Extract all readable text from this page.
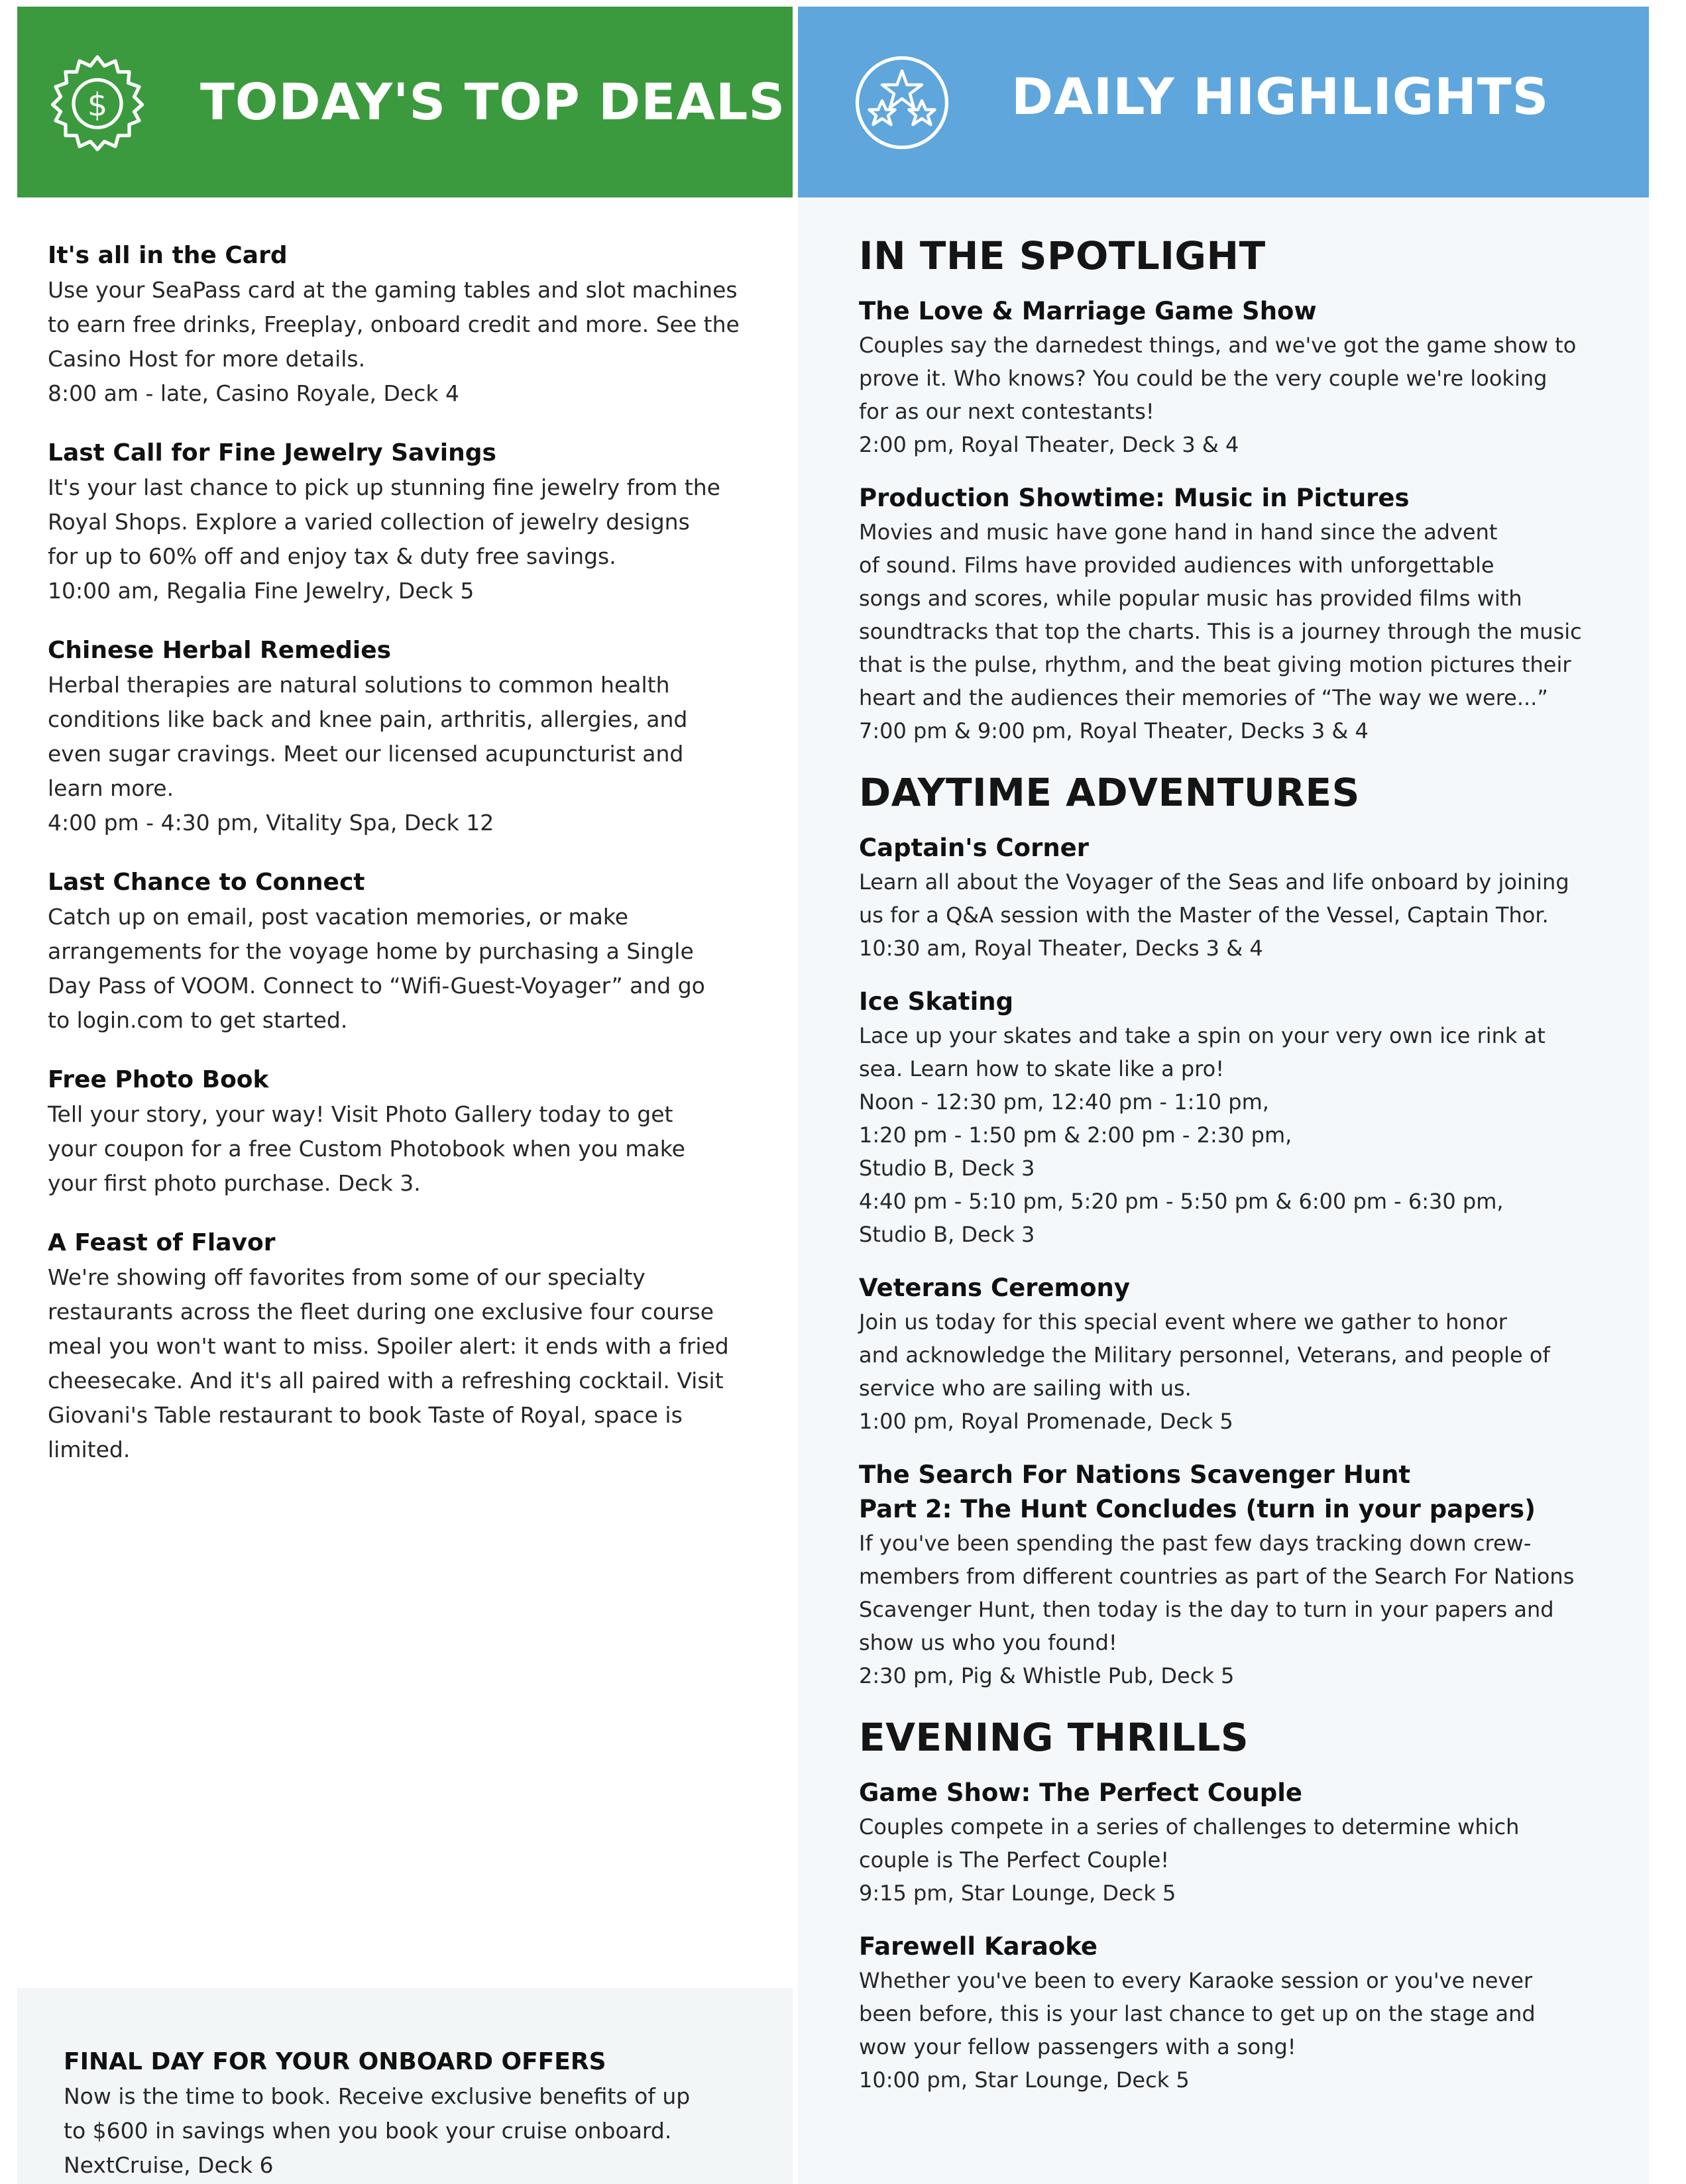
$ TODAY'S TOP DEALS	DAILY HIGHLIGHTS
It's all in the Card

Use your SeaPass card at the gaming tables and slot machines

to earn free drinks, Freeplay, onboard credit and more. See the

Casino Host for more details.

8:00 am - late, Casino Royale, Deck 4

Last Call for Fine Jewelry Savings

It's your last chance to pick up stunning fine jewelry from the

Royal Shops. Explore a varied collection of jewelry designs

for up to 60% off and enjoy tax & duty free savings.

10:00 am, Regalia Fine Jewelry, Deck 5

Chinese Herbal Remedies

Herbal therapies are natural solutions to common health

conditions like back and knee pain, arthritis, allergies, and

even sugar cravings. Meet our licensed acupuncturist and

learn more.

4:00 pm - 4:30 pm, Vitality Spa, Deck 12

Last Chance to Connect

Catch up on email, post vacation memories, or make

arrangements for the voyage home by purchasing a Single

Day Pass of VOOM. Connect to “Wifi-Guest-Voyager” and go

to login.com to get started.

Free Photo Book

Tell your story, your way! Visit Photo Gallery today to get

your coupon for a free Custom Photobook when you make

your first photo purchase. Deck 3.

A Feast of Flavor

We're showing off favorites from some of our specialty

restaurants across the fleet during one exclusive four course

meal you won't want to miss. Spoiler alert: it ends with a fried

cheesecake. And it's all paired with a refreshing cocktail. Visit

Giovani's Table restaurant to book Taste of Royal, space is limited.

FINAL DAY FOR YOUR ONBOARD OFFERS

Now is the time to book. Receive exclusive benefits of up

to $600 in savings when you book your cruise onboard.

NextCruise, Deck 6

IN THE SPOTLIGHT
The Love & Marriage Game Show

Couples say the darnedest things, and we've got the game show to

prove it. Who knows? You could be the very couple we're looking

for as our next contestants!

2:00 pm, Royal Theater, Deck 3 & 4

Production Showtime: Music in Pictures

Movies and music have gone hand in hand since the advent

of sound. Films have provided audiences with unforgettable

songs and scores, while popular music has provided films with

soundtracks that top the charts. This is a journey through the music

that is the pulse, rhythm, and the beat giving motion pictures their

heart and the audiences their memories of “The way we were...”

7:00 pm & 9:00 pm, Royal Theater, Decks 3 & 4

DAYTIME ADVENTURES
Captain's Corner

Learn all about the Voyager of the Seas and life onboard by joining

us for a Q&A session with the Master of the Vessel, Captain Thor.

10:30 am, Royal Theater, Decks 3 & 4

Ice Skating

Lace up your skates and take a spin on your very own ice rink at

sea. Learn how to skate like a pro!

Noon - 12:30 pm, 12:40 pm - 1:10 pm,

1:20 pm - 1:50 pm & 2:00 pm - 2:30 pm,

Studio B, Deck 3

4:40 pm - 5:10 pm, 5:20 pm - 5:50 pm & 6:00 pm - 6:30 pm,

Studio B, Deck 3

Veterans Ceremony

Join us today for this special event where we gather to honor

and acknowledge the Military personnel, Veterans, and people of

service who are sailing with us.

1:00 pm, Royal Promenade, Deck 5

The Search For Nations Scavenger Hunt
Part 2: The Hunt Concludes (turn in your papers)

If you've been spending the past few days tracking down crew-

members from different countries as part of the Search For Nations

Scavenger Hunt, then today is the day to turn in your papers and

show us who you found!

2:30 pm, Pig & Whistle Pub, Deck 5

EVENING THRILLS
Game Show: The Perfect Couple

Couples compete in a series of challenges to determine which

couple is The Perfect Couple!

9:15 pm, Star Lounge, Deck 5

Farewell Karaoke

Whether you've been to every Karaoke session or you've never

been before, this is your last chance to get up on the stage and

wow your fellow passengers with a song!

10:00 pm, Star Lounge, Deck 5
